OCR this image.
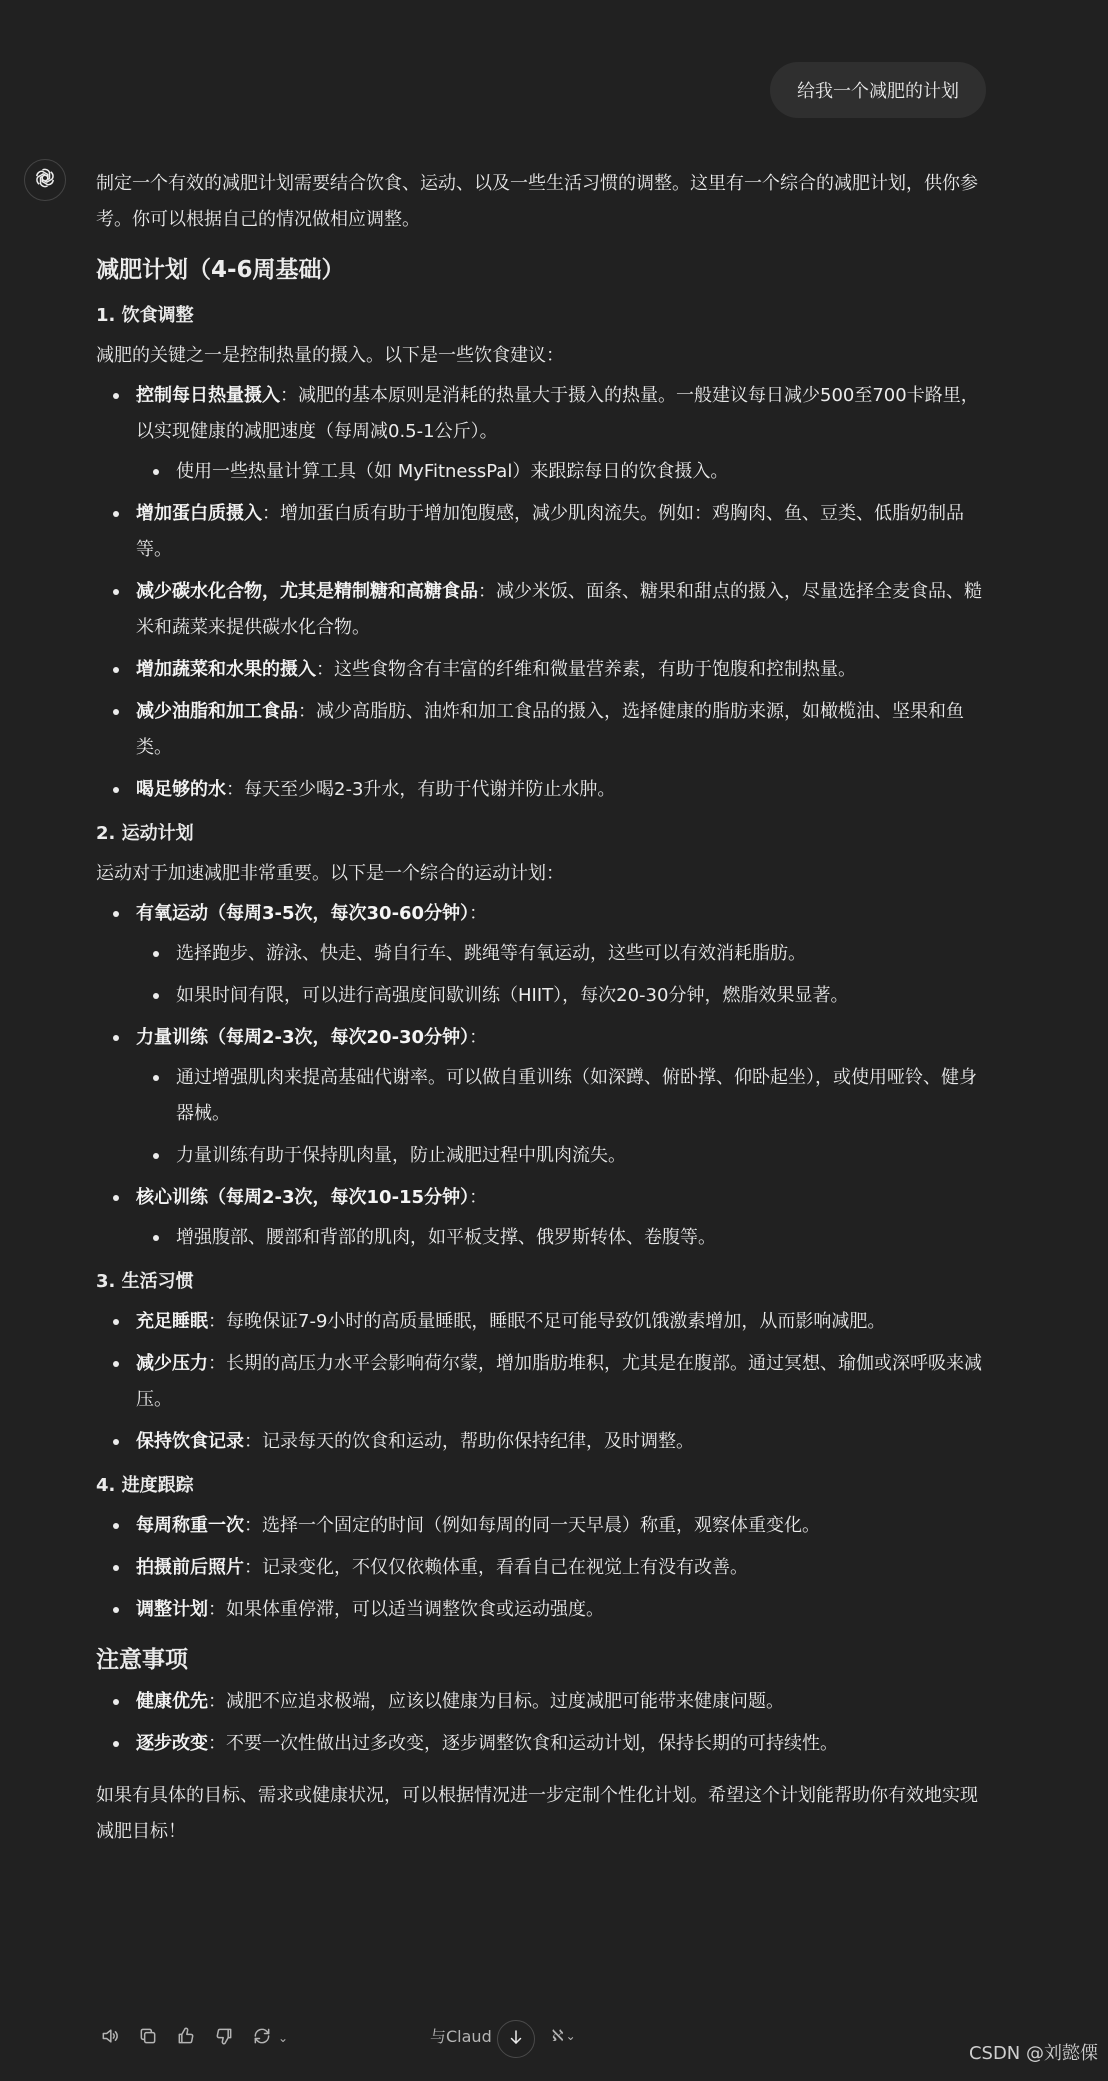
给我一个减肥的计划

制定一个有效的减肥计划需要结合饮食、运动、以及一些生活习惯的调整。这里有一个综合的减肥计划，供你参考。你可以根据自己的情况做相应调整。

减肥计划（4-6周基础）
1. 饮食调整

减肥的关键之一是控制热量的摄入。以下是一些饮食建议：

控制每日热量摄入：减肥的基本原则是消耗的热量大于摄入的热量。一般建议每日减少500至700卡路里，以实现健康的减肥速度（每周减0.5-1公斤）。
使用一些热量计算工具（如 MyFitnessPal）来跟踪每日的饮食摄入。
增加蛋白质摄入：增加蛋白质有助于增加饱腹感，减少肌肉流失。例如：鸡胸肉、鱼、豆类、低脂奶制品等。
减少碳水化合物，尤其是精制糖和高糖食品：减少米饭、面条、糖果和甜点的摄入，尽量选择全麦食品、糙米和蔬菜来提供碳水化合物。
增加蔬菜和水果的摄入：这些食物含有丰富的纤维和微量营养素，有助于饱腹和控制热量。
减少油脂和加工食品：减少高脂肪、油炸和加工食品的摄入，选择健康的脂肪来源，如橄榄油、坚果和鱼类。
喝足够的水：每天至少喝2-3升水，有助于代谢并防止水肿。
2. 运动计划

运动对于加速减肥非常重要。以下是一个综合的运动计划：

有氧运动（每周3-5次，每次30-60分钟）：
选择跑步、游泳、快走、骑自行车、跳绳等有氧运动，这些可以有效消耗脂肪。
如果时间有限，可以进行高强度间歇训练（HIIT），每次20-30分钟，燃脂效果显著。
力量训练（每周2-3次，每次20-30分钟）：
通过增强肌肉来提高基础代谢率。可以做自重训练（如深蹲、俯卧撑、仰卧起坐），或使用哑铃、健身器械。
力量训练有助于保持肌肉量，防止减肥过程中肌肉流失。
核心训练（每周2-3次，每次10-15分钟）：
增强腹部、腰部和背部的肌肉，如平板支撑、俄罗斯转体、卷腹等。
3. 生活习惯
充足睡眠：每晚保证7-9小时的高质量睡眠，睡眠不足可能导致饥饿激素增加，从而影响减肥。
减少压力：长期的高压力水平会影响荷尔蒙，增加脂肪堆积，尤其是在腹部。通过冥想、瑜伽或深呼吸来减压。
保持饮食记录：记录每天的饮食和运动，帮助你保持纪律，及时调整。
4. 进度跟踪
每周称重一次：选择一个固定的时间（例如每周的同一天早晨）称重，观察体重变化。
拍摄前后照片：记录变化，不仅仅依赖体重，看看自己在视觉上有没有改善。
调整计划：如果体重停滞，可以适当调整饮食或运动强度。
注意事项
健康优先：减肥不应追求极端，应该以健康为目标。过度减肥可能带来健康问题。
逐步改变：不要一次性做出过多改变，逐步调整饮食和运动计划，保持长期的可持续性。

如果有具体的目标、需求或健康状况，可以根据情况进一步定制个性化计划。希望这个计划能帮助你有效地实现减肥目标！

⌄	与Claud	ℵ ⌄
CSDN @刘懿傈
